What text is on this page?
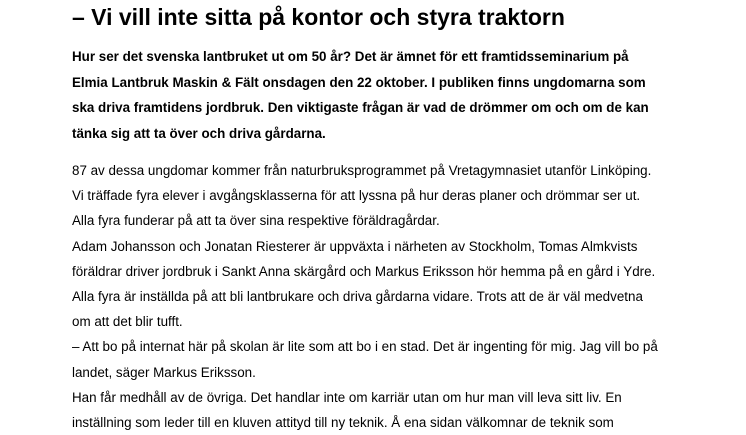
– Vi vill inte sitta på kontor och styra traktorn
Hur ser det svenska lantbruket ut om 50 år? Det är ämnet för ett framtidsseminarium på
Elmia Lantbruk Maskin & Fält onsdagen den 22 oktober. I publiken finns ungdomarna som
ska driva framtidens jordbruk. Den viktigaste frågan är vad de drömmer om och om de kan
tänka sig att ta över och driva gårdarna.
87 av dessa ungdomar kommer från naturbruksprogrammet på Vretagymnasiet utanför Linköping.
Vi träffade fyra elever i avgångsklasserna för att lyssna på hur deras planer och drömmar ser ut.
Alla fyra funderar på att ta över sina respektive föräldragårdar.
Adam Johansson och Jonatan Riesterer är uppväxta i närheten av Stockholm, Tomas Almkvists
föräldrar driver jordbruk i Sankt Anna skärgård och Markus Eriksson hör hemma på en gård i Ydre.
Alla fyra är inställda på att bli lantbrukare och driva gårdarna vidare. Trots att de är väl medvetna
om att det blir tufft.
– Att bo på internat här på skolan är lite som att bo i en stad. Det är ingenting för mig. Jag vill bo på
landet, säger Markus Eriksson.
Han får medhåll av de övriga. Det handlar inte om karriär utan om hur man vill leva sitt liv. En
inställning som leder till en kluven attityd till ny teknik. Å ena sidan välkomnar de teknik som
